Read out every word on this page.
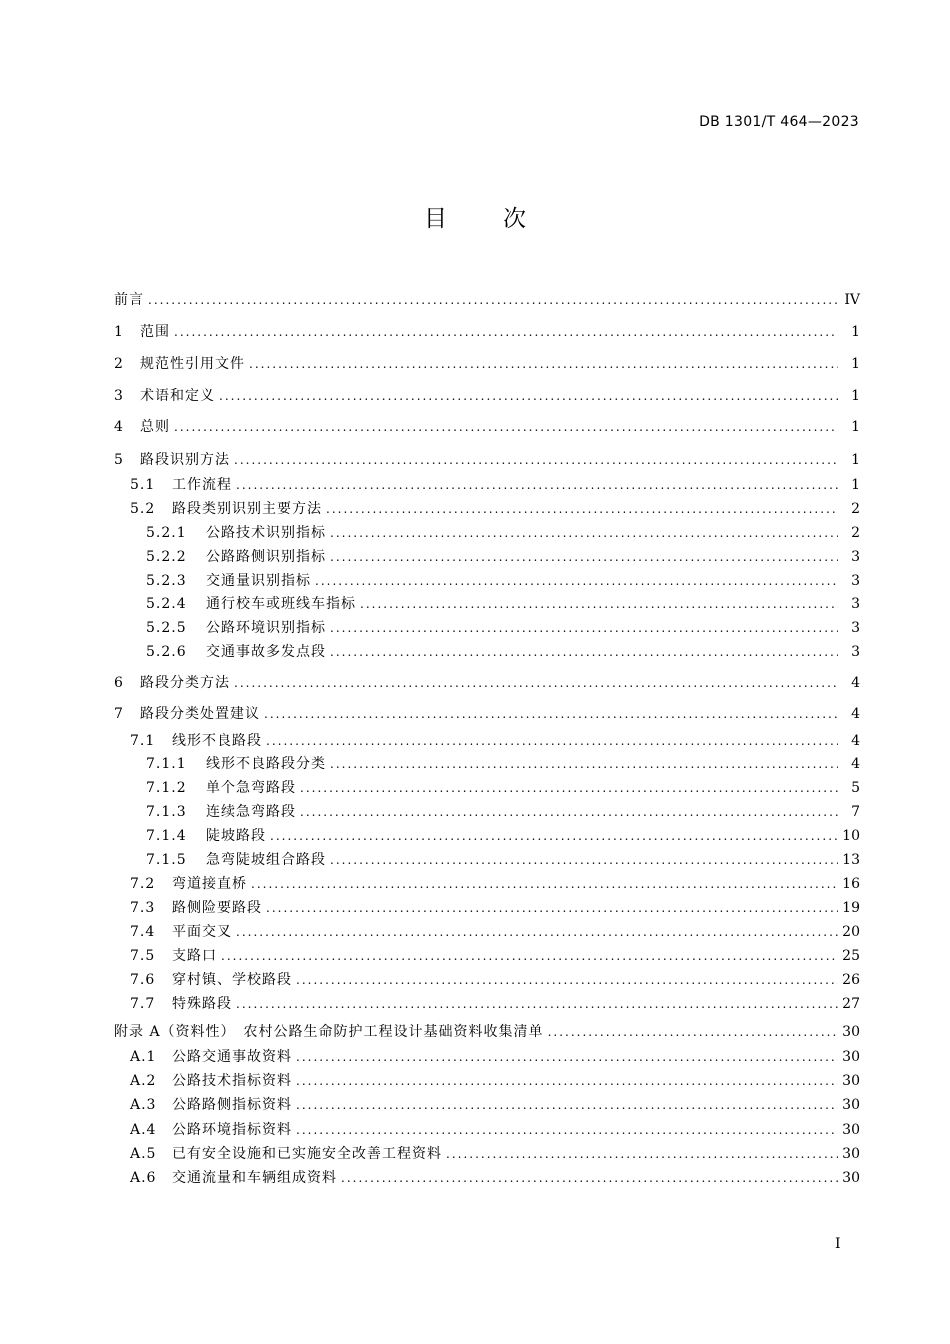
DB 1301/T 464—2023
目 次
前言 .....	IV
1	范围 .....	1
2	规范性引用文件 .....	1
3	术语和定义 .....	1
4	总则 .....	1
5	路段识别方法 .....	1
5.1	工作流程 .....	1
5.2	路段类别识别主要方法 .....	2
5.2.1	公路技术识别指标 .....	2
5.2.2	公路路侧识别指标 .....	3
5.2.3	交通量识别指标 .....	3
5.2.4	通行校车或班线车指标 .....	3
5.2.5	公路环境识别指标 .....	3
5.2.6	交通事故多发点段 .....	3
6	路段分类方法 .....	4
7	路段分类处置建议 .....	4
7.1	线形不良路段 .....	4
7.1.1	线形不良路段分类 .....	4
7.1.2	单个急弯路段 .....	5
7.1.3	连续急弯路段 .....	7
7.1.4	陡坡路段 .....	10
7.1.5	急弯陡坡组合路段 .....	13
7.2	弯道接直桥 .....	16
7.3	路侧险要路段 .....	19
7.4	平面交叉 .....	20
7.5	支路口 .....	25
7.6	穿村镇、学校路段 .....	26
7.7	特殊路段 .....	27
附录 A（资料性）　农村公路生命防护工程设计基础资料收集清单 .....	30
A.1	公路交通事故资料 .....	30
A.2	公路技术指标资料 .....	30
A.3	公路路侧指标资料 .....	30
A.4	公路环境指标资料 .....	30
A.5	已有安全设施和已实施安全改善工程资料 .....	30
A.6	交通流量和车辆组成资料 .....	30
I
